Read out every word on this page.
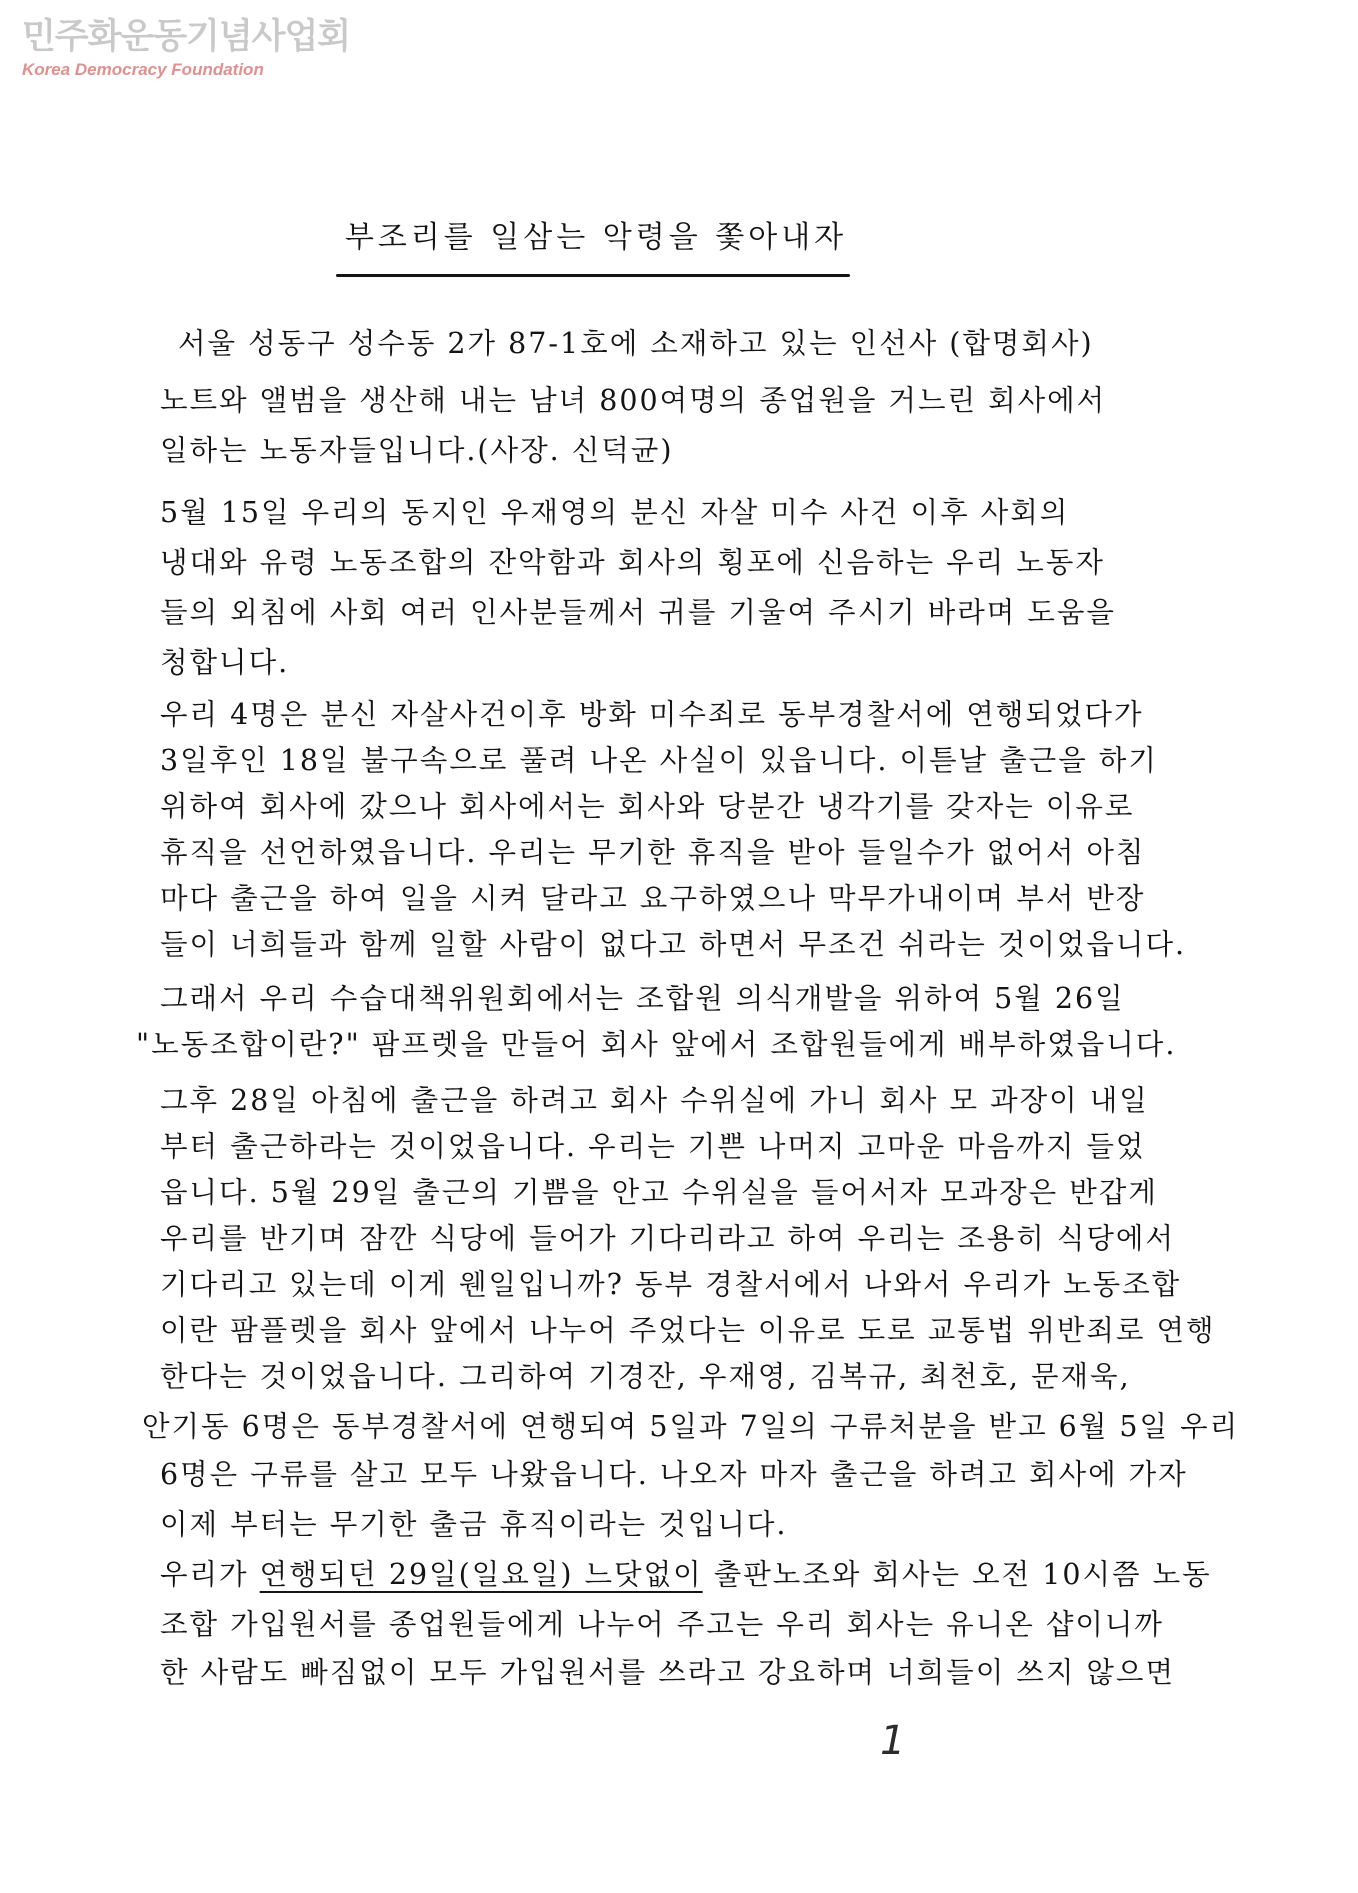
민주화운동기념사업회
Korea Democracy Foundation
부조리를 일삼는 악령을 쫓아내자
서울 성동구 성수동 2가 87-1호에 소재하고 있는 인선사 (합명회사)
노트와 앨범을 생산해 내는 남녀 800여명의 종업원을 거느린 회사에서
일하는 노동자들입니다.(사장. 신덕균)
5월 15일 우리의 동지인 우재영의 분신 자살 미수 사건 이후 사회의
냉대와 유령 노동조합의 잔악함과 회사의 횡포에 신음하는 우리 노동자
들의 외침에 사회 여러 인사분들께서 귀를 기울여 주시기 바라며 도움을
청합니다.
우리 4명은 분신 자살사건이후 방화 미수죄로 동부경찰서에 연행되었다가
3일후인 18일 불구속으로 풀려 나온 사실이 있읍니다. 이튿날 출근을 하기
위하여 회사에 갔으나 회사에서는 회사와 당분간 냉각기를 갖자는 이유로
휴직을 선언하였읍니다. 우리는 무기한 휴직을 받아 들일수가 없어서 아침
마다 출근을 하여 일을 시켜 달라고 요구하였으나 막무가내이며 부서 반장
들이 너희들과 함께 일할 사람이 없다고 하면서 무조건 쉬라는 것이었읍니다.
그래서 우리 수습대책위원회에서는 조합원 의식개발을 위하여 5월 26일
"노동조합이란?" 팜프렛을 만들어 회사 앞에서 조합원들에게 배부하였읍니다.
그후 28일 아침에 출근을 하려고 회사 수위실에 가니 회사 모 과장이 내일
부터 출근하라는 것이었읍니다. 우리는 기쁜 나머지 고마운 마음까지 들었
읍니다. 5월 29일 출근의 기쁨을 안고 수위실을 들어서자 모과장은 반갑게
우리를 반기며 잠깐 식당에 들어가 기다리라고 하여 우리는 조용히 식당에서
기다리고 있는데 이게 웬일입니까? 동부 경찰서에서 나와서 우리가 노동조합
이란 팜플렛을 회사 앞에서 나누어 주었다는 이유로 도로 교통법 위반죄로 연행
한다는 것이었읍니다. 그리하여 기경잔, 우재영, 김복규, 최천호, 문재욱,
안기동 6명은 동부경찰서에 연행되여 5일과 7일의 구류처분을 받고 6월 5일 우리
6명은 구류를 살고 모두 나왔읍니다. 나오자 마자 출근을 하려고 회사에 가자
이제 부터는 무기한 출금 휴직이라는 것입니다.
우리가 연행되던 29일(일요일) 느닷없이 출판노조와 회사는 오전 10시쯤 노동
조합 가입원서를 종업원들에게 나누어 주고는 우리 회사는 유니온 샵이니까
한 사람도 빠짐없이 모두 가입원서를 쓰라고 강요하며 너희들이 쓰지 않으면
1
